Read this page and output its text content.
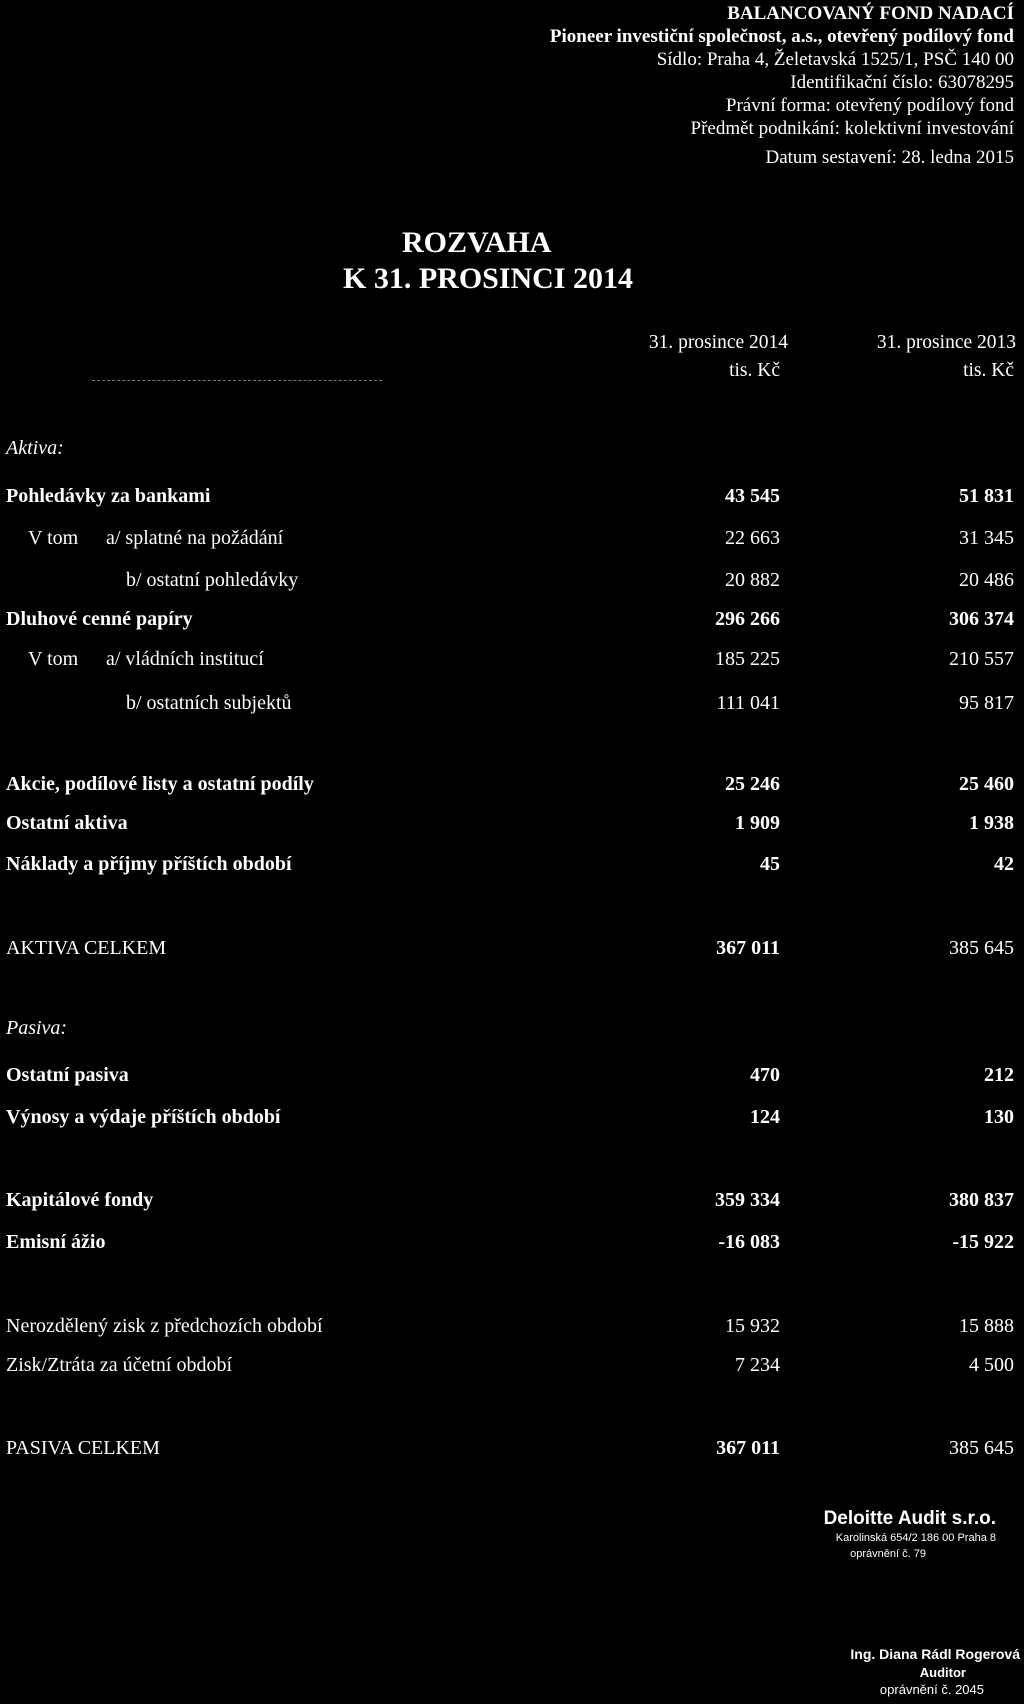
BALANCOVANÝ FOND NADACÍ
Pioneer investiční společnost, a.s., otevřený podílový fond
Sídlo: Praha 4, Želetavská 1525/1, PSČ 140 00
Identifikační číslo: 63078295
Právní forma: otevřený podílový fond
Předmět podnikání: kolektivní investování
Datum sestavení: 28. ledna 2015
ROZVAHA
K 31. PROSINCI 2014
31. prosince 2014
tis. Kč
31. prosince 2013
tis. Kč
Aktiva:
Pohledávky za bankami	43 545	51 831
V tom a/ splatné na požádání	22 663	31 345
b/ ostatní pohledávky	20 882	20 486
Dluhové cenné papíry	296 266	306 374
V tom a/ vládních institucí	185 225	210 557
b/ ostatních subjektů	111 041	95 817
Akcie, podílové listy a ostatní podíly	25 246	25 460
Ostatní aktiva	1 909	1 938
Náklady a příjmy příštích období	45	42
AKTIVA CELKEM	367 011	385 645
Pasiva:
Ostatní pasiva	470	212
Výnosy a výdaje příštích období	124	130
Kapitálové fondy	359 334	380 837
Emisní ážio	-16 083	-15 922
Nerozdělený zisk z předchozích období	15 932	15 888
Zisk/Ztráta za účetní období	7 234	4 500
PASIVA CELKEM	367 011	385 645
Deloitte Audit s.r.o.
Karolinská 654/2 186 00 Praha 8
oprávnění č. 79
Ing. Diana Rádl Rogerová
Auditor
oprávnění č. 2045
